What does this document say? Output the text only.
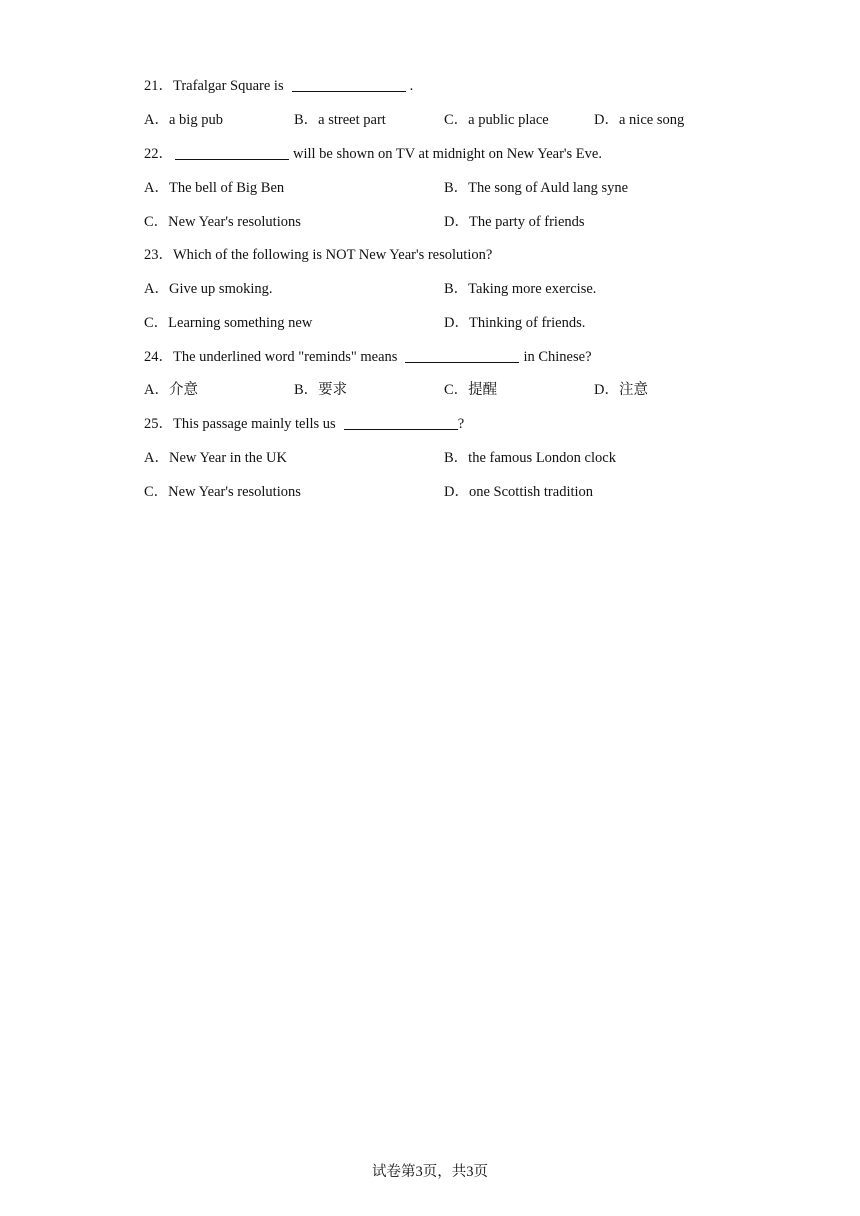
21．Trafalgar Square is	.
A．a big pub	B．a street part	C．a public place	D．a nice song
22．	will be shown on TV at midnight on New Year's Eve.
A．The bell of Big Ben	B．The song of Auld lang syne
C．New Year's resolutions	D．The party of friends
23．Which of the following is NOT New Year's resolution?
A．Give up smoking.	B．Taking more exercise.
C．Learning something new	D．Thinking of friends.
24．The underlined word "reminds" means	in Chinese?
A．介意	B．要求	C．提醒	D．注意
25．This passage mainly tells us	?
A．New Year in the UK	B．the famous London clock
C．New Year's resolutions	D．one Scottish tradition
试卷第3页，共3页
